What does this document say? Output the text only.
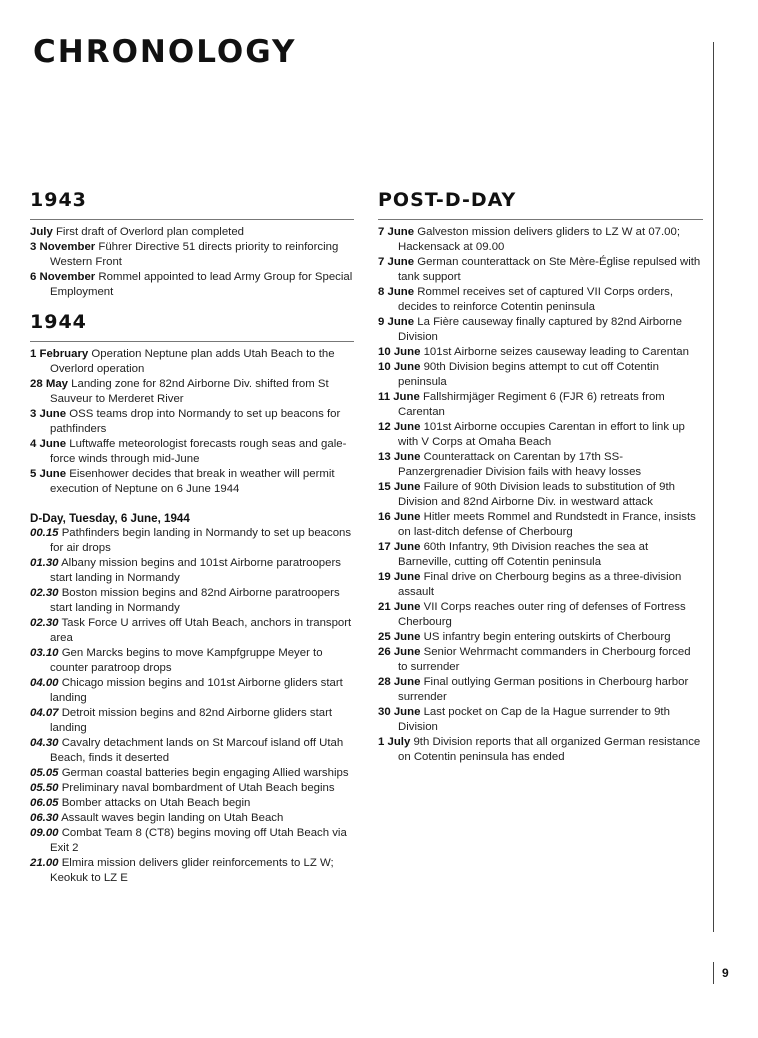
CHRONOLOGY
9
1943

July First draft of Overlord plan completed

3 November Führer Directive 51 directs priority to reinforcing Western Front

6 November Rommel appointed to lead Army Group for Special Employment

1944

1 February Operation Neptune plan adds Utah Beach to the Overlord operation

28 May Landing zone for 82nd Airborne Div. shifted from St Sauveur to Merderet River

3 June OSS teams drop into Normandy to set up beacons for pathfinders

4 June Luftwaffe meteorologist forecasts rough seas and gale-force winds through mid-June

5 June Eisenhower decides that break in weather will permit execution of Neptune on 6 June 1944

D-Day, Tuesday, 6 June, 1944

00.15 Pathfinders begin landing in Normandy to set up beacons for air drops

01.30 Albany mission begins and 101st Airborne paratroopers start landing in Normandy

02.30 Boston mission begins and 82nd Airborne paratroopers start landing in Normandy

02.30 Task Force U arrives off Utah Beach, anchors in transport area

03.10 Gen Marcks begins to move Kampfgruppe Meyer to counter paratroop drops

04.00 Chicago mission begins and 101st Airborne gliders start landing

04.07 Detroit mission begins and 82nd Airborne gliders start landing

04.30 Cavalry detachment lands on St Marcouf island off Utah Beach, finds it deserted

05.05 German coastal batteries begin engaging Allied warships

05.50 Preliminary naval bombardment of Utah Beach begins

06.05 Bomber attacks on Utah Beach begin

06.30 Assault waves begin landing on Utah Beach

09.00 Combat Team 8 (CT8) begins moving off Utah Beach via Exit 2

21.00 Elmira mission delivers glider reinforcements to LZ W; Keokuk to LZ E

POST-D-DAY

7 June Galveston mission delivers gliders to LZ W at 07.00; Hackensack at 09.00

7 June German counterattack on Ste Mère-Église repulsed with tank support

8 June Rommel receives set of captured VII Corps orders, decides to reinforce Cotentin peninsula

9 June La Fière causeway finally captured by 82nd Airborne Division

10 June 101st Airborne seizes causeway leading to Carentan

10 June 90th Division begins attempt to cut off Cotentin peninsula

11 June Fallshirmjäger Regiment 6 (FJR 6) retreats from Carentan

12 June 101st Airborne occupies Carentan in effort to link up with V Corps at Omaha Beach

13 June Counterattack on Carentan by 17th SS-Panzergrenadier Division fails with heavy losses

15 June Failure of 90th Division leads to substitution of 9th Division and 82nd Airborne Div. in westward attack

16 June Hitler meets Rommel and Rundstedt in France, insists on last-ditch defense of Cherbourg

17 June 60th Infantry, 9th Division reaches the sea at Barneville, cutting off Cotentin peninsula

19 June Final drive on Cherbourg begins as a three-division assault

21 June VII Corps reaches outer ring of defenses of Fortress Cherbourg

25 June US infantry begin entering outskirts of Cherbourg

26 June Senior Wehrmacht commanders in Cherbourg forced to surrender

28 June Final outlying German positions in Cherbourg harbor surrender

30 June Last pocket on Cap de la Hague surrender to 9th Division

1 July 9th Division reports that all organized German resistance on Cotentin peninsula has ended
